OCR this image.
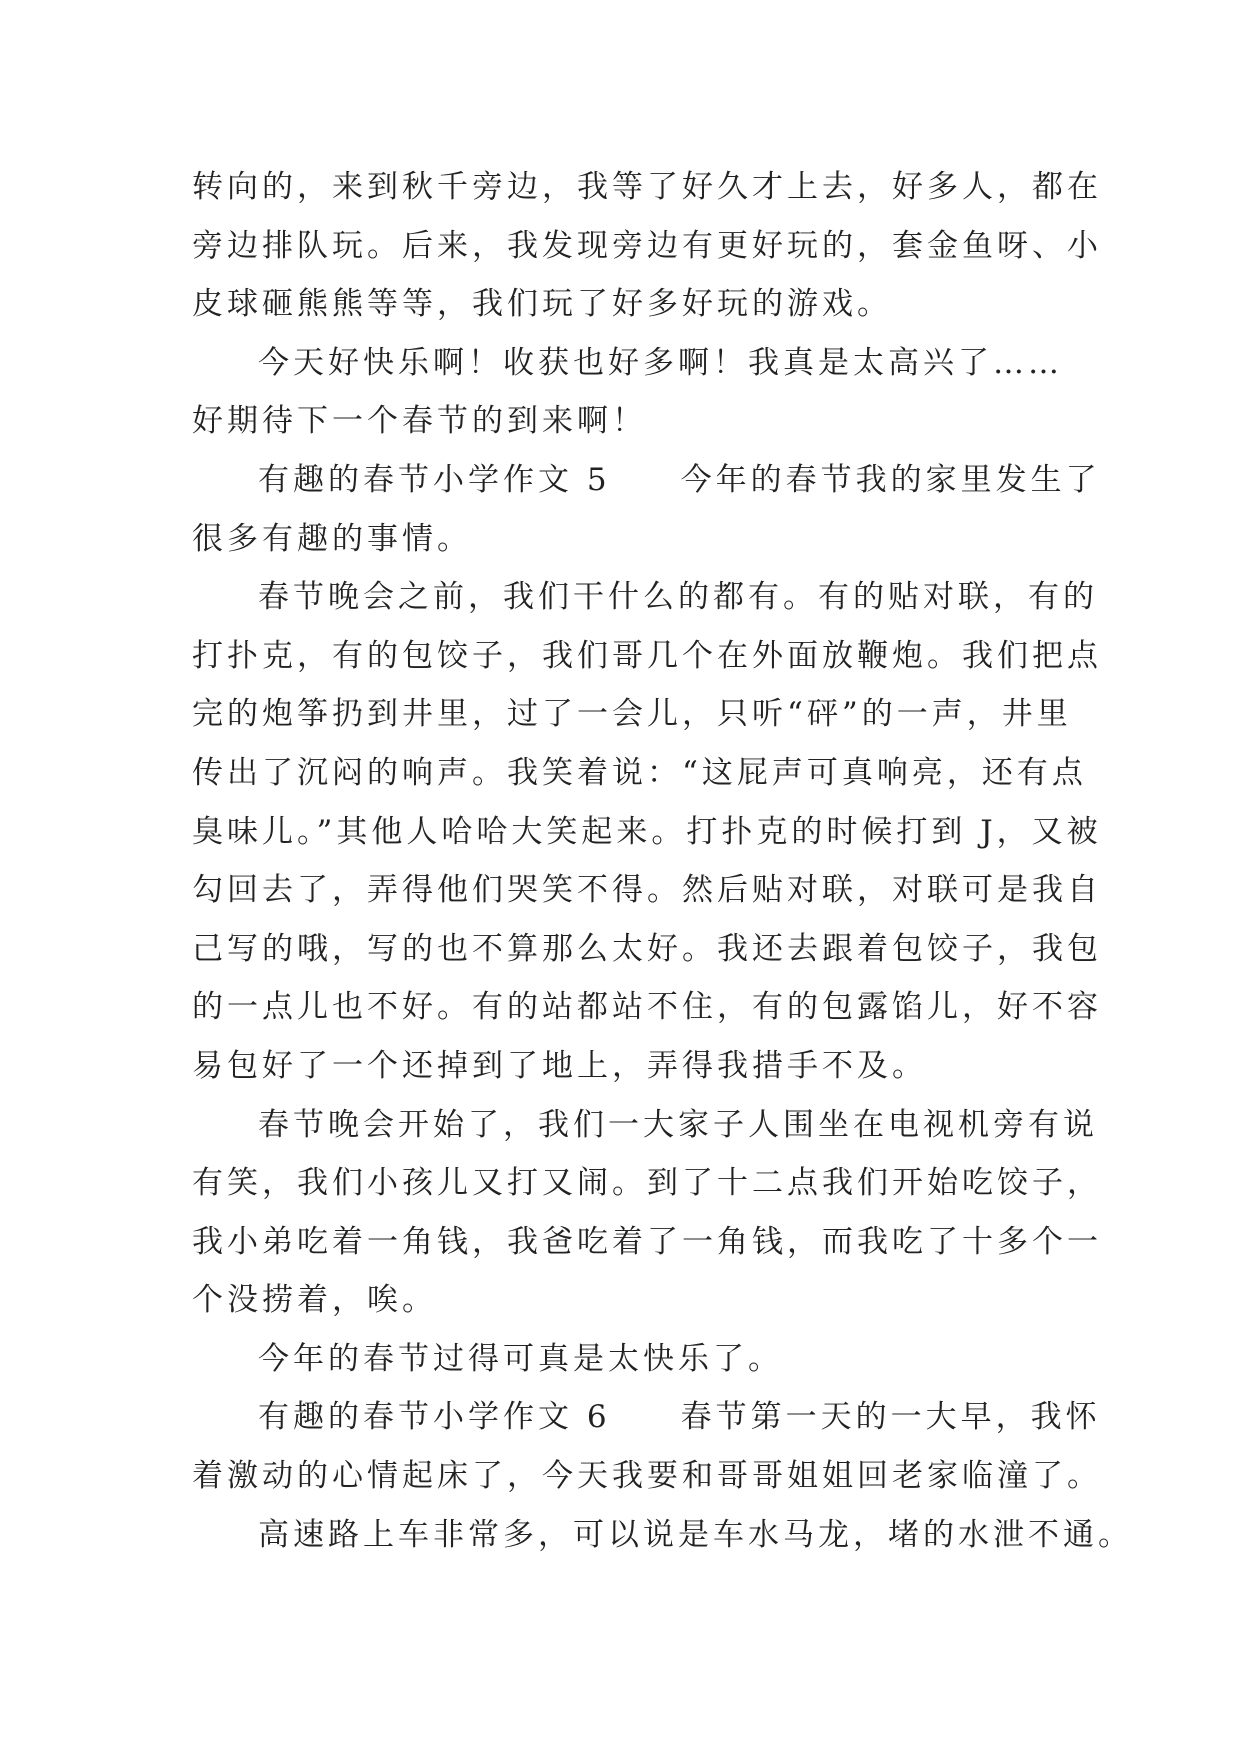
转向的，来到秋千旁边，我等了好久才上去，好多人，都在
旁边排队玩。后来，我发现旁边有更好玩的，套金鱼呀、小
皮球砸熊熊等等，我们玩了好多好玩的游戏。
今天好快乐啊！收获也好多啊！我真是太高兴了……
好期待下一个春节的到来啊！
有趣的春节小学作文 5　　今年的春节我的家里发生了
很多有趣的事情。
春节晚会之前，我们干什么的都有。有的贴对联，有的
打扑克，有的包饺子，我们哥几个在外面放鞭炮。我们把点
完的炮筝扔到井里，过了一会儿，只听“砰”的一声，井里
传出了沉闷的响声。我笑着说：“这屁声可真响亮，还有点
臭味儿。”其他人哈哈大笑起来。打扑克的时候打到 J，又被
勾回去了，弄得他们哭笑不得。然后贴对联，对联可是我自
己写的哦，写的也不算那么太好。我还去跟着包饺子，我包
的一点儿也不好。有的站都站不住，有的包露馅儿，好不容
易包好了一个还掉到了地上，弄得我措手不及。
春节晚会开始了，我们一大家子人围坐在电视机旁有说
有笑，我们小孩儿又打又闹。到了十二点我们开始吃饺子，
我小弟吃着一角钱，我爸吃着了一角钱，而我吃了十多个一
个没捞着，唉。
今年的春节过得可真是太快乐了。
有趣的春节小学作文 6　　春节第一天的一大早，我怀
着激动的心情起床了，今天我要和哥哥姐姐回老家临潼了。
高速路上车非常多，可以说是车水马龙，堵的水泄不通。
